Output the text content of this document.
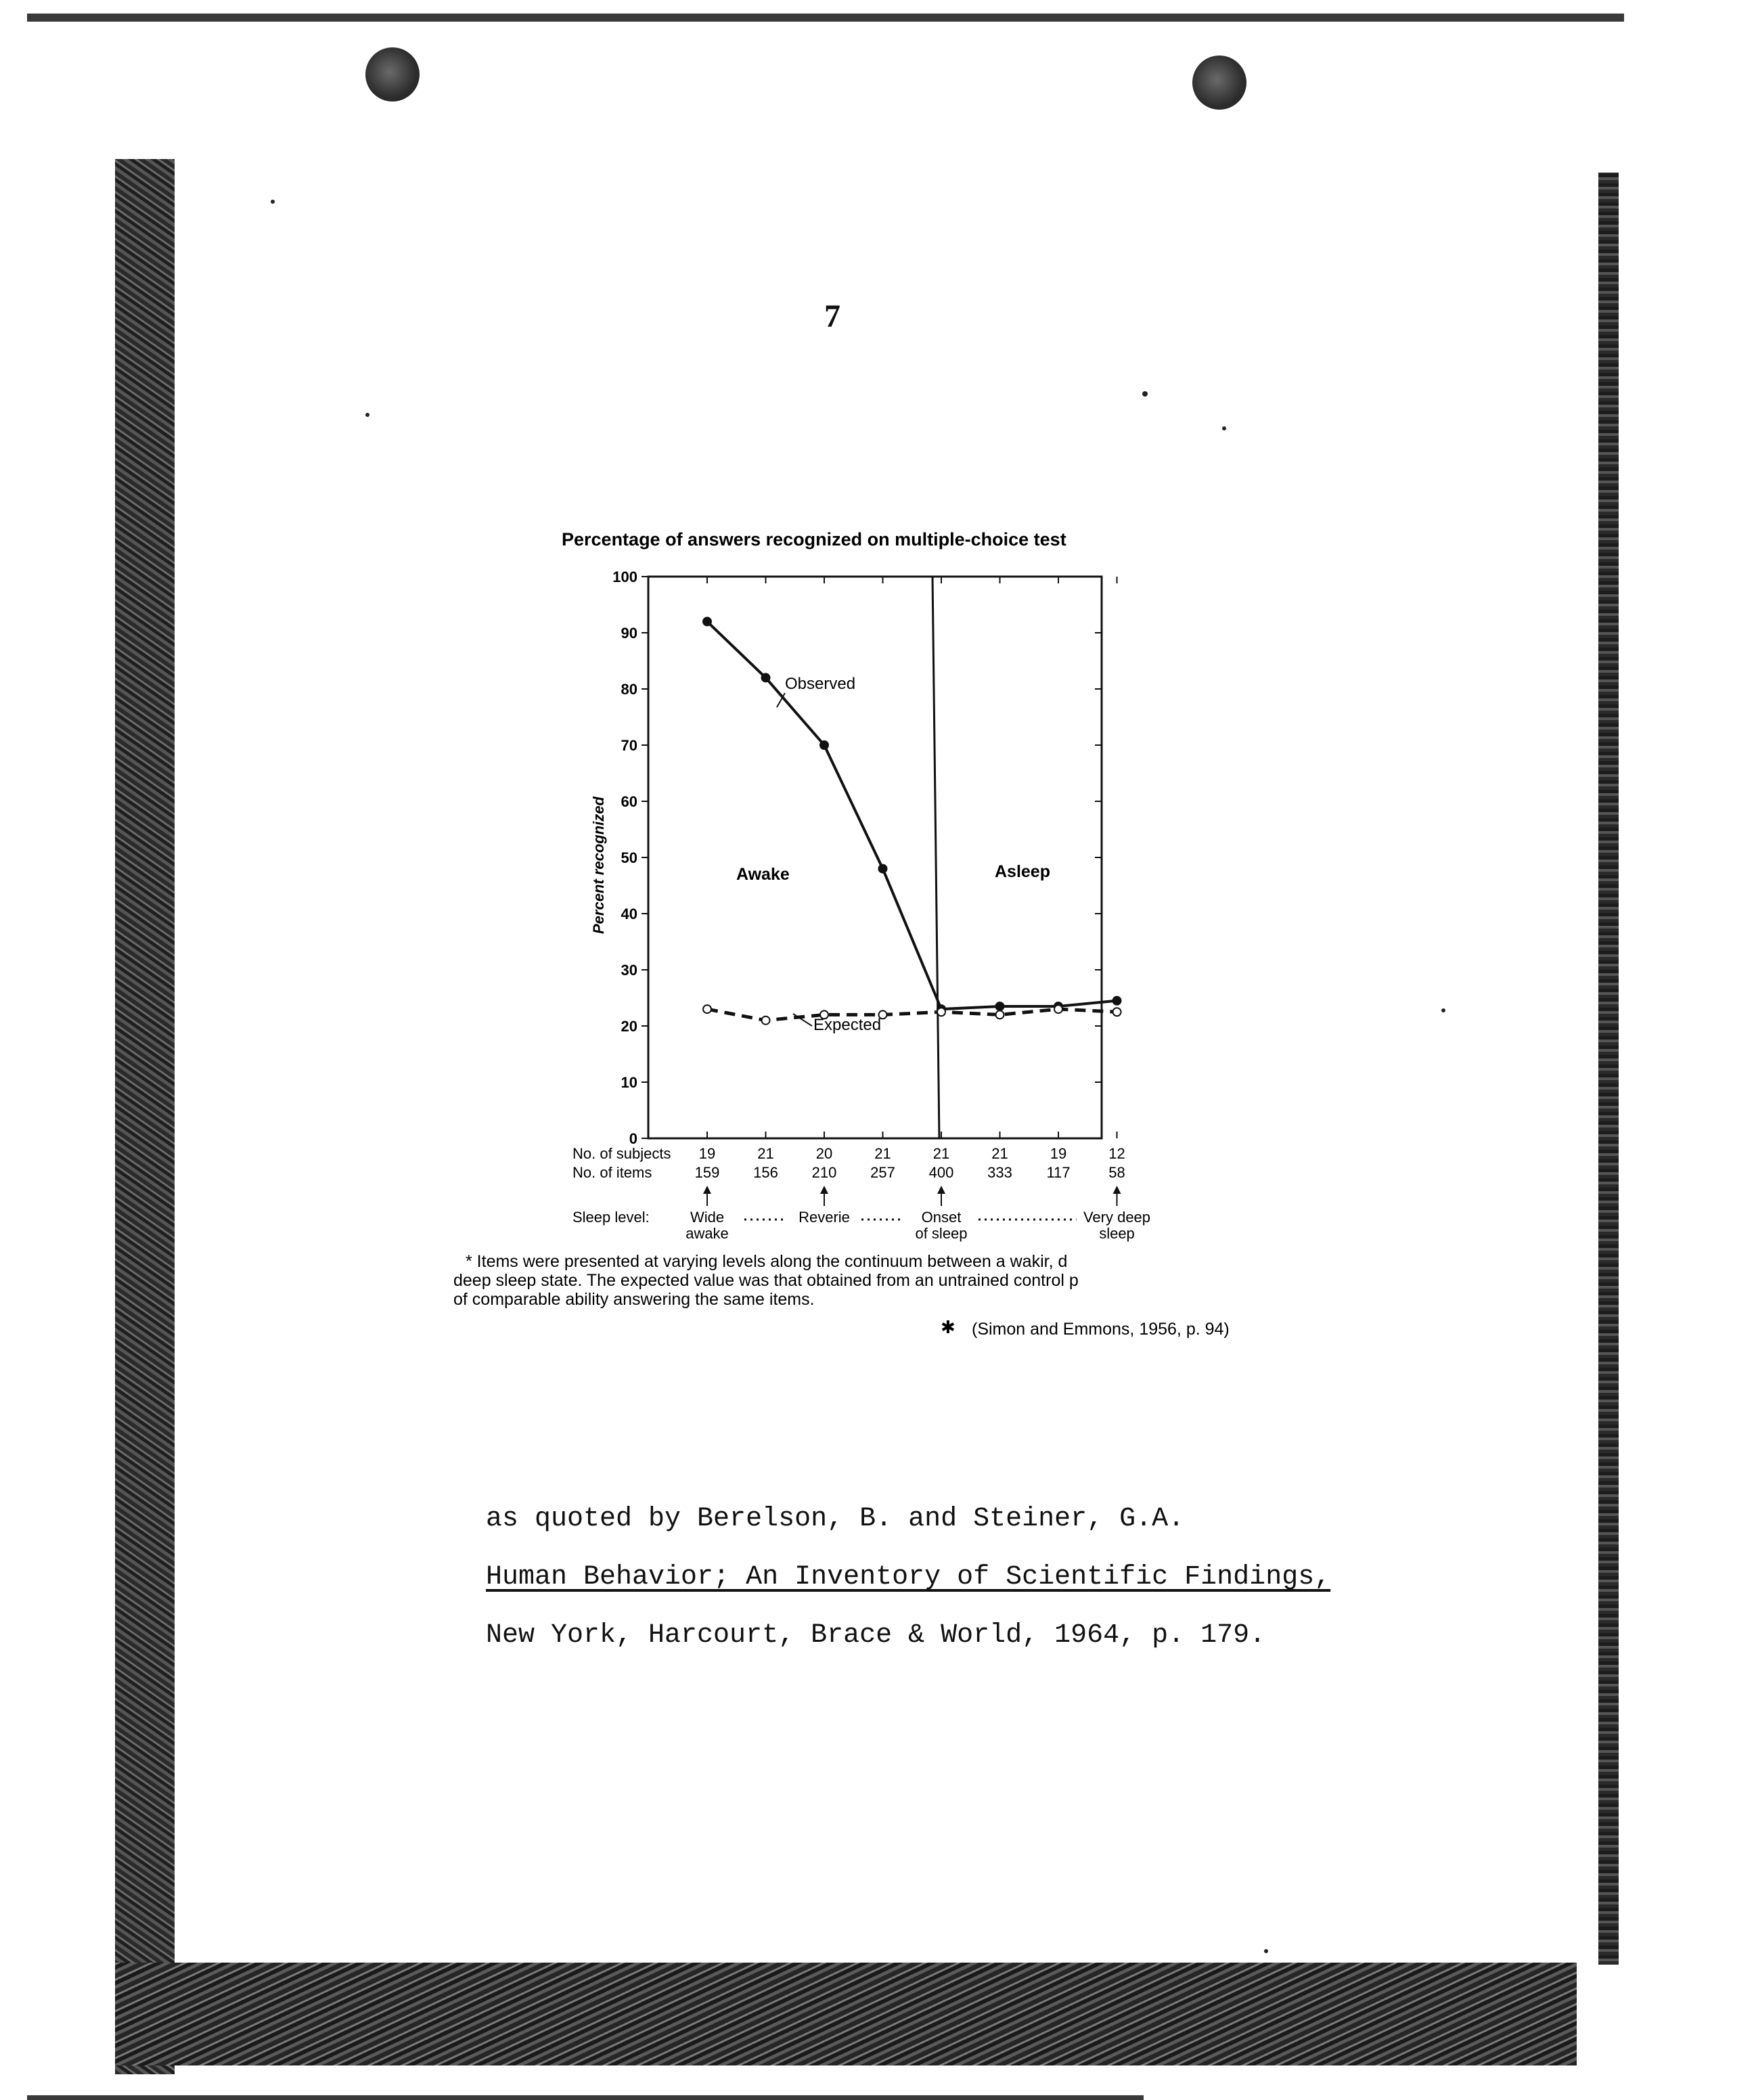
7
Percentage of answers recognized on multiple-choice test
0
10
20
30
40
50
60
70
80
90
100
Awake	Asleep
Observed
Expected
Percent recognized
No. of subjects
No. of items
Sleep level:
19
159
21
156
20
210
21
257
21
400
21
333
19
117
12
58
Wide
awake
Reverie	Onset
of sleep
Very deep
sleep
* Items were presented at varying levels along the continuum between a wakir, d
deep sleep state. The expected value was that obtained from an untrained control p
of comparable ability answering the same items.
✱ (Simon and Emmons, 1956, p. 94)
as quoted by Berelson, B. and Steiner, G.A.
Human Behavior; An Inventory of Scientific Findings,
New York, Harcourt, Brace & World, 1964, p. 179.
